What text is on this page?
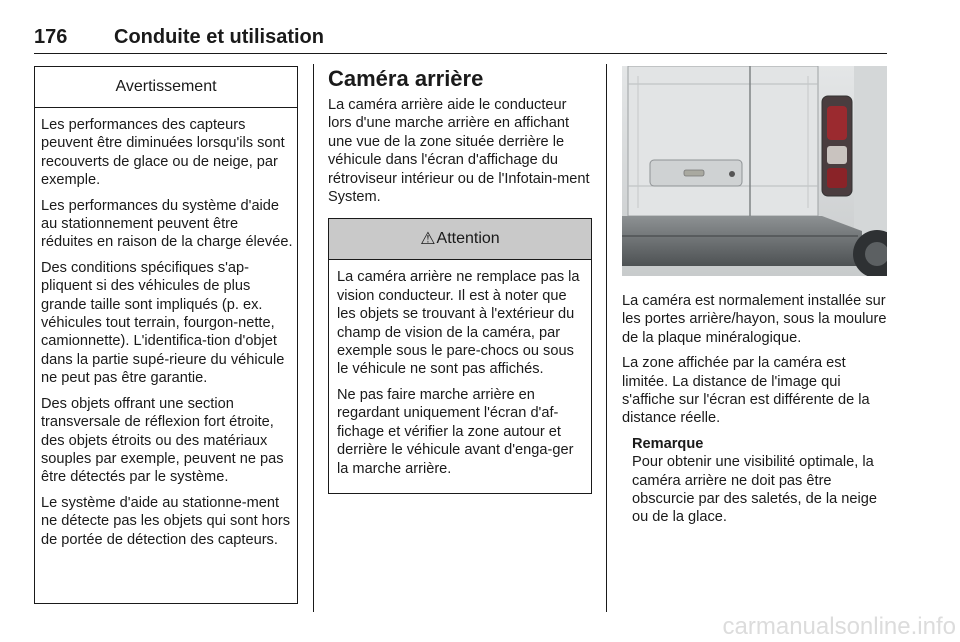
176 Conduite et utilisation
Avertissement

Les performances des capteurs peuvent être diminuées lorsqu'ils sont recouverts de glace ou de neige, par exemple.

Les performances du système d'aide au stationnement peuvent être réduites en raison de la charge élevée.

Des conditions spécifiques s'ap-pliquent si des véhicules de plus grande taille sont impliqués (p. ex. véhicules tout terrain, fourgon-nette, camionnette). L'identifica-tion d'objet dans la partie supé-rieure du véhicule ne peut pas être garantie.

Des objets offrant une section transversale de réflexion fort étroite, des objets étroits ou des matériaux souples par exemple, peuvent ne pas être détectés par le système.

Le système d'aide au stationne-ment ne détecte pas les objets qui sont hors de portée de détection des capteurs.

Caméra arrière

La caméra arrière aide le conducteur lors d'une marche arrière en affichant une vue de la zone située derrière le véhicule dans l'écran d'affichage du rétroviseur intérieur ou de l'Infotain-ment System.

⚠ Attention

La caméra arrière ne remplace pas la vision conducteur. Il est à noter que les objets se trouvant à l'extérieur du champ de vision de la caméra, par exemple sous le pare-chocs ou sous le véhicule ne sont pas affichés.

Ne pas faire marche arrière en regardant uniquement l'écran d'af-fichage et vérifier la zone autour et derrière le véhicule avant d'enga-ger la marche arrière.

La caméra est normalement installée sur les portes arrière/hayon, sous la moulure de la plaque minéralogique.

La zone affichée par la caméra est limitée. La distance de l'image qui s'affiche sur l'écran est différente de la distance réelle.

Remarque
Pour obtenir une visibilité optimale, la caméra arrière ne doit pas être obscurcie par des saletés, de la neige ou de la glace.
carmanualsonline.info
